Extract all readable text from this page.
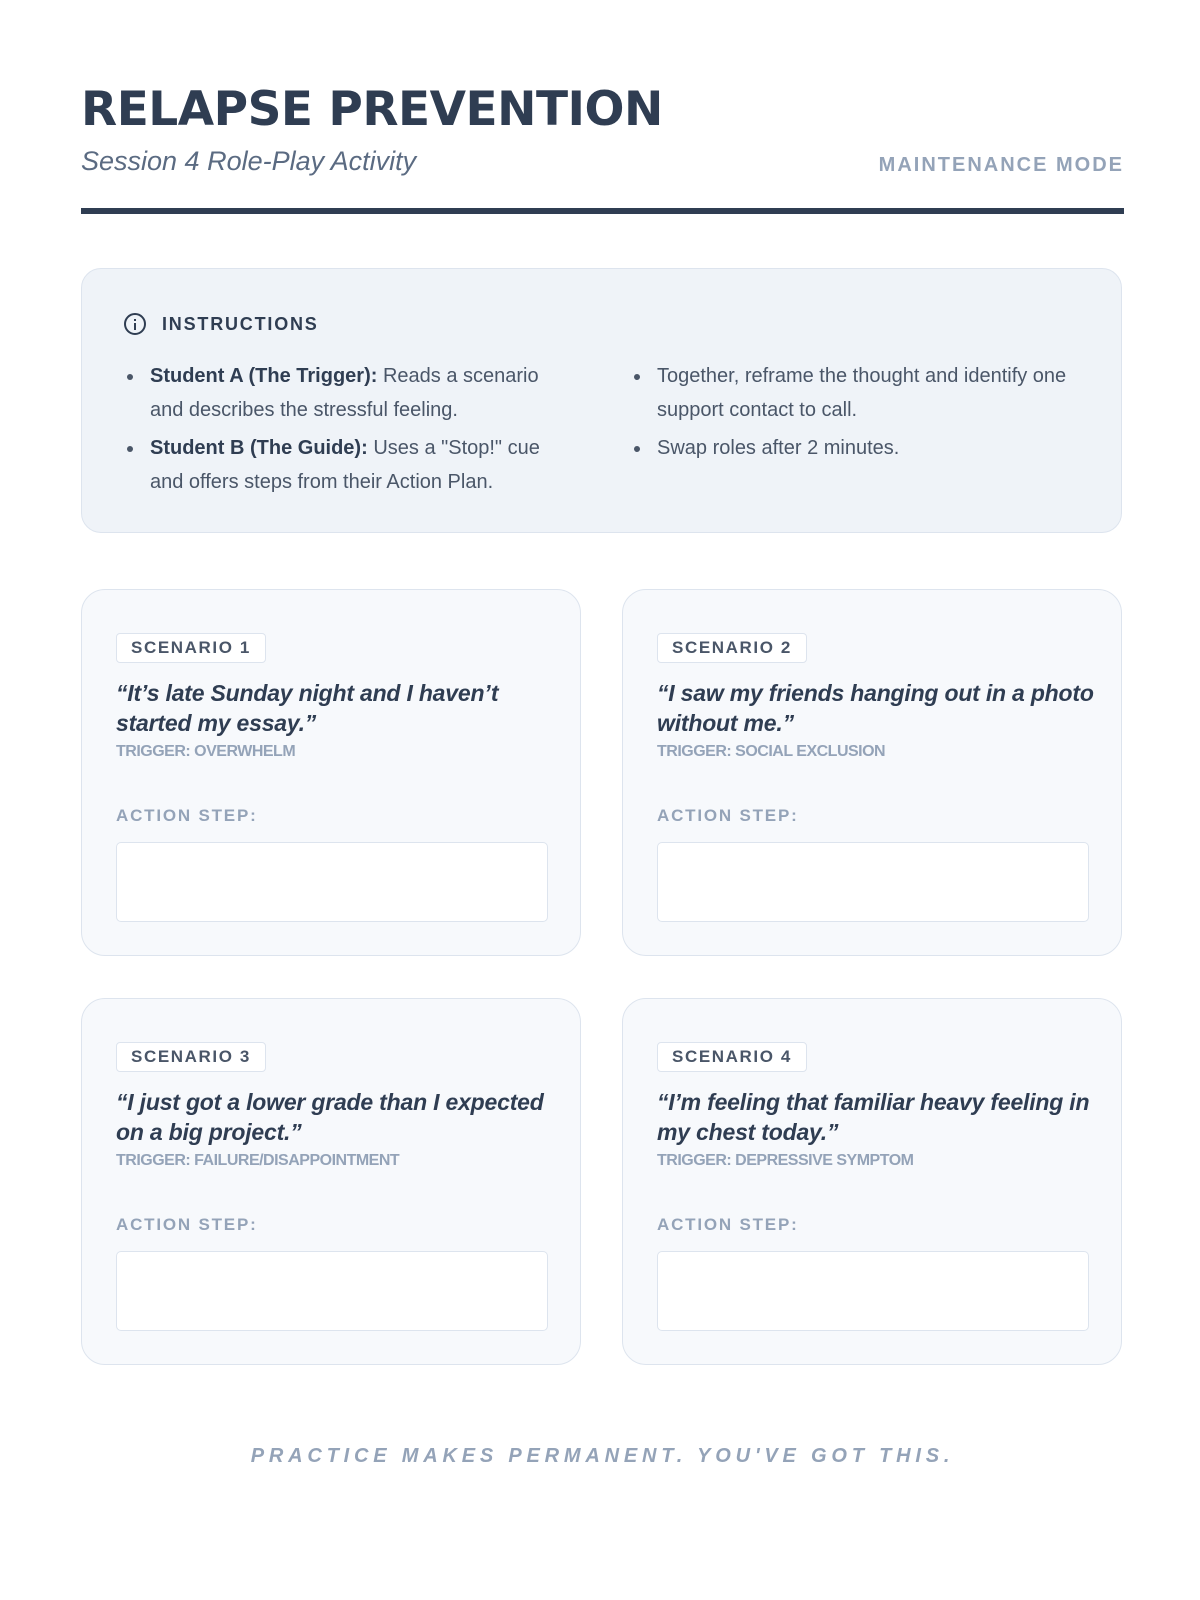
RELAPSE PREVENTION

Session 4 Role-Play Activity	MAINTENANCE MODE
INSTRUCTIONS
Student A (The Trigger): Reads a scenario and describes the stressful feeling.
Student B (The Guide): Uses a "Stop!" cue and offers steps from their Action Plan.
Together, reframe the thought and identify one support contact to call.
Swap roles after 2 minutes.
SCENARIO 1

“It’s late Sunday night and I haven’t started my essay.”

TRIGGER: OVERWHELM
ACTION STEP:
SCENARIO 2

“I saw my friends hanging out in a photo without me.”

TRIGGER: SOCIAL EXCLUSION
ACTION STEP:
SCENARIO 3

“I just got a lower grade than I expected on a big project.”

TRIGGER: FAILURE/DISAPPOINTMENT
ACTION STEP:
SCENARIO 4

“I’m feeling that familiar heavy feeling in my chest today.”

TRIGGER: DEPRESSIVE SYMPTOM
ACTION STEP:
PRACTICE MAKES PERMANENT. YOU'VE GOT THIS.
